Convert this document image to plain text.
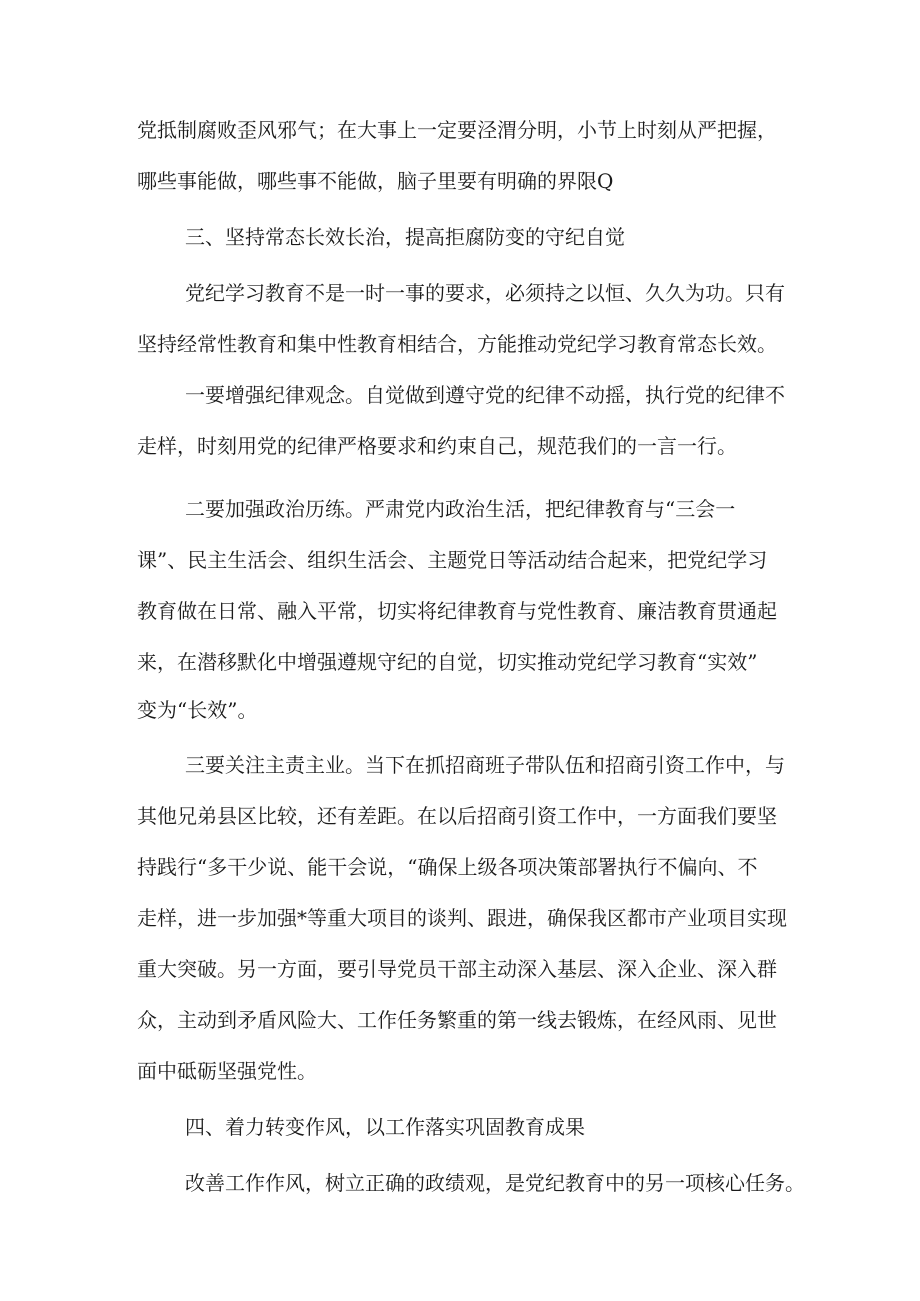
党抵制腐败歪风邪气；在大事上一定要泾渭分明，小节上时刻从严把握，
哪些事能做，哪些事不能做，脑子里要有明确的界限Q
三、坚持常态长效长治，提高拒腐防变的守纪自觉
党纪学习教育不是一时一事的要求，必须持之以恒、久久为功。只有
坚持经常性教育和集中性教育相结合，方能推动党纪学习教育常态长效。
一要增强纪律观念。自觉做到遵守党的纪律不动摇，执行党的纪律不
走样，时刻用党的纪律严格要求和约束自己，规范我们的一言一行。
二要加强政治历练。严肃党内政治生活，把纪律教育与“三会一
课”、民主生活会、组织生活会、主题党日等活动结合起来，把党纪学习
教育做在日常、融入平常，切实将纪律教育与党性教育、廉洁教育贯通起
来，在潜移默化中增强遵规守纪的自觉，切实推动党纪学习教育“实效”
变为“长效”。
三要关注主责主业。当下在抓招商班子带队伍和招商引资工作中，与
其他兄弟县区比较，还有差距。在以后招商引资工作中，一方面我们要坚
持践行“多干少说、能干会说，“确保上级各项决策部署执行不偏向、不
走样，进一步加强*等重大项目的谈判、跟进，确保我区都市产业项目实现
重大突破。另一方面，要引导党员干部主动深入基层、深入企业、深入群
众，主动到矛盾风险大、工作任务繁重的第一线去锻炼，在经风雨、见世
面中砥砺坚强党性。
四、着力转变作风，以工作落实巩固教育成果
改善工作作风，树立正确的政绩观，是党纪教育中的另一项核心任务。
